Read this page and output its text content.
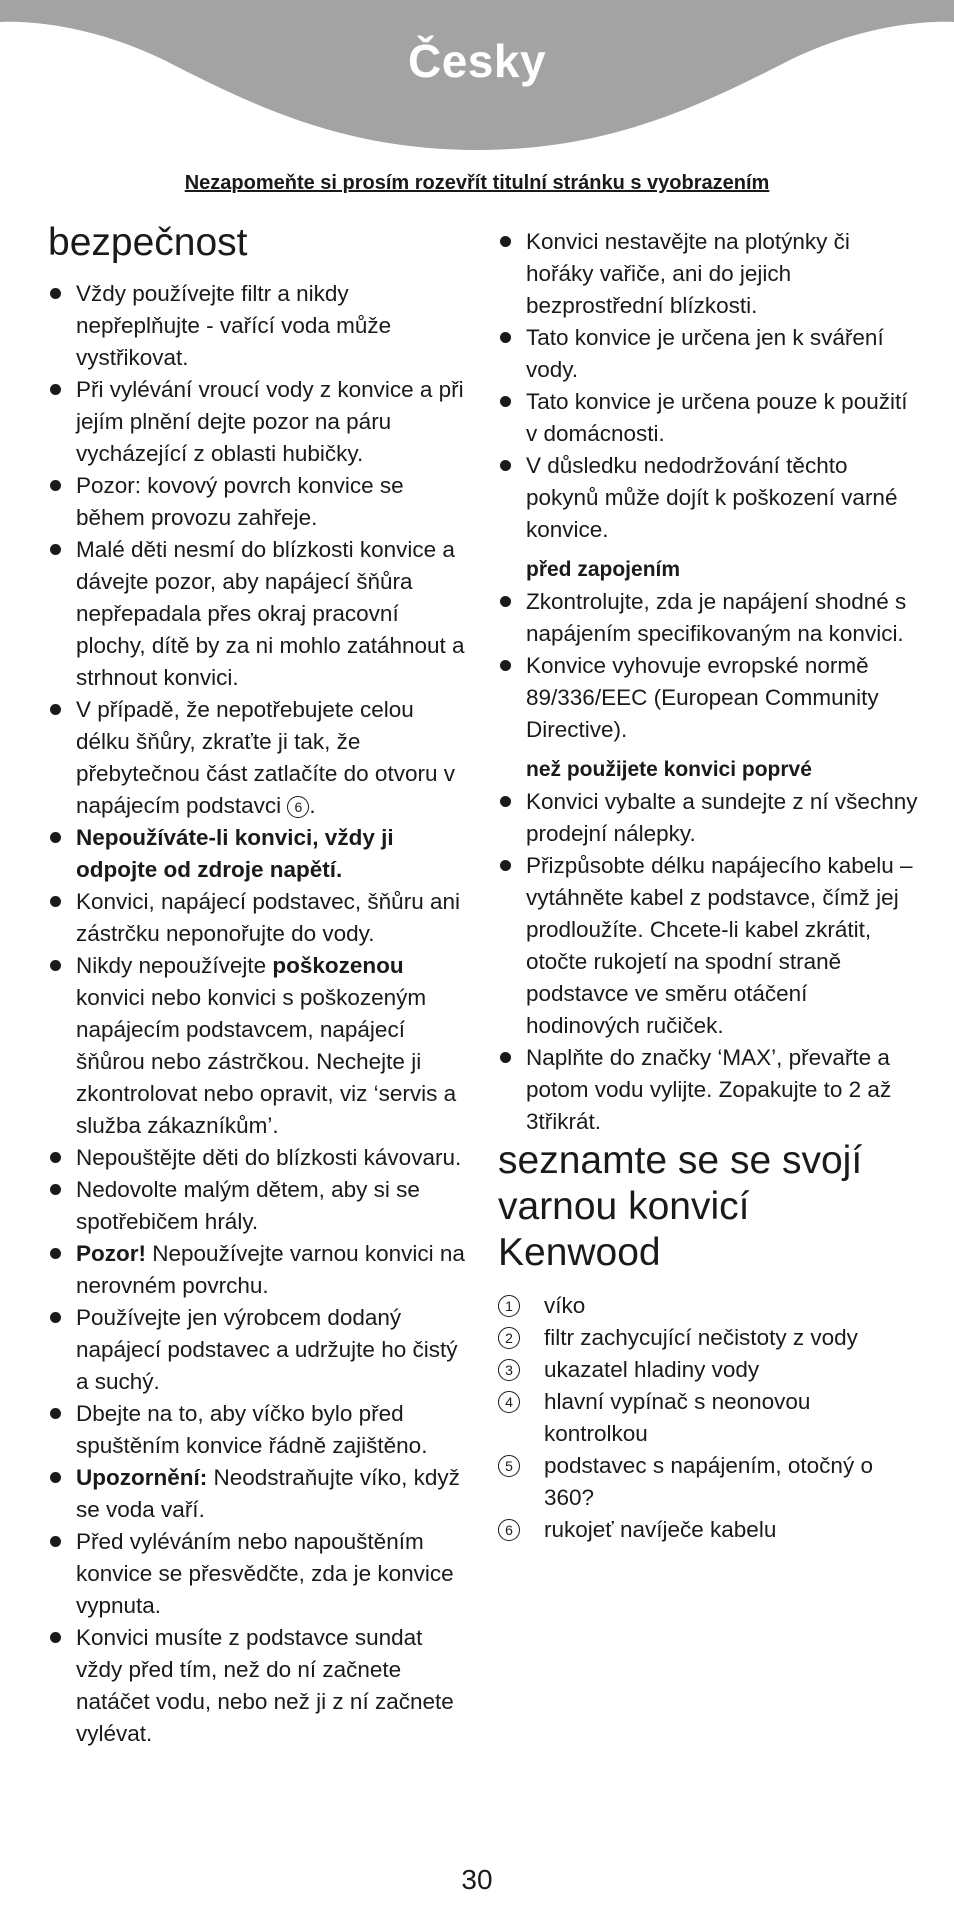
Česky
Nezapomeňte si prosím rozevřít titulní stránku s vyobrazením
bezpečnost
Vždy používejte filtr a nikdy nepřeplňujte - vařící voda může vystřikovat.
Při vylévání vroucí vody z konvice a při jejím plnění dejte pozor na páru vycházející z oblasti hubičky.
Pozor: kovový povrch konvice se během provozu zahřeje.
Malé děti nesmí do blízkosti konvice a dávejte pozor, aby napájecí šňůra nepřepadala přes okraj pracovní plochy, dítě by za ni mohlo zatáhnout a strhnout konvici.
V případě, že nepotřebujete celou délku šňůry, zkraťte ji tak, že přebytečnou část zatlačíte do otvoru v napájecím podstavci 6 .
Nepoužíváte-li konvici, vždy ji odpojte od zdroje napětí.
Konvici, napájecí podstavec, šňůru ani zástrčku neponořujte do vody.
Nikdy nepoužívejte poškozenou konvici nebo konvici s poškozeným napájecím podstavcem, napájecí šňůrou nebo zástrčkou. Nechejte ji zkontrolovat nebo opravit, viz ‘servis a služba zákazníkům’.
Nepouštějte děti do blízkosti kávovaru.
Nedovolte malým dětem, aby si se spotřebičem hrály.
Pozor! Nepoužívejte varnou konvici na nerovném povrchu.
Používejte jen výrobcem dodaný napájecí podstavec a udržujte ho čistý a suchý.
Dbejte na to, aby víčko bylo před spuštěním konvice řádně zajištěno.
Upozornění: Neodstraňujte víko, když se voda vaří.
Před vyléváním nebo napouštěním konvice se přesvědčte, zda je konvice vypnuta.
Konvici musíte z podstavce sundat vždy před tím, než do ní začnete natáčet vodu, nebo než ji z ní začnete vylévat.
Konvici nestavějte na plotýnky či hořáky vařiče, ani do jejich bezprostřední blízkosti.
Tato konvice je určena jen k sváření vody.
Tato konvice je určena pouze k použití v domácnosti.
V důsledku nedodržování těchto pokynů může dojít k poškození varné konvice.
před zapojením
Zkontrolujte, zda je napájení shodné s napájením specifikovaným na konvici.
Konvice vyhovuje evropské normě 89/336/EEC (European Community Directive).
než použijete konvici poprvé
Konvici vybalte a sundejte z ní všechny prodejní nálepky.
Přizpůsobte délku napájecího kabelu – vytáhněte kabel z podstavce, čímž jej prodloužíte. Chcete-li kabel zkrátit, otočte rukojetí na spodní straně podstavce ve směru otáčení hodinových ručiček.
Naplňte do značky ‘MAX’, převařte a potom vodu vylijte. Zopakujte to 2 až 3třikrát.
seznamte se se svojí varnou konvicí Kenwood
1	víko
2	filtr zachycující nečistoty z vody
3	ukazatel hladiny vody
4	hlavní vypínač s neonovou kontrolkou
5	podstavec s napájením, otočný o 360?
6	rukojeť navíječe kabelu
30
